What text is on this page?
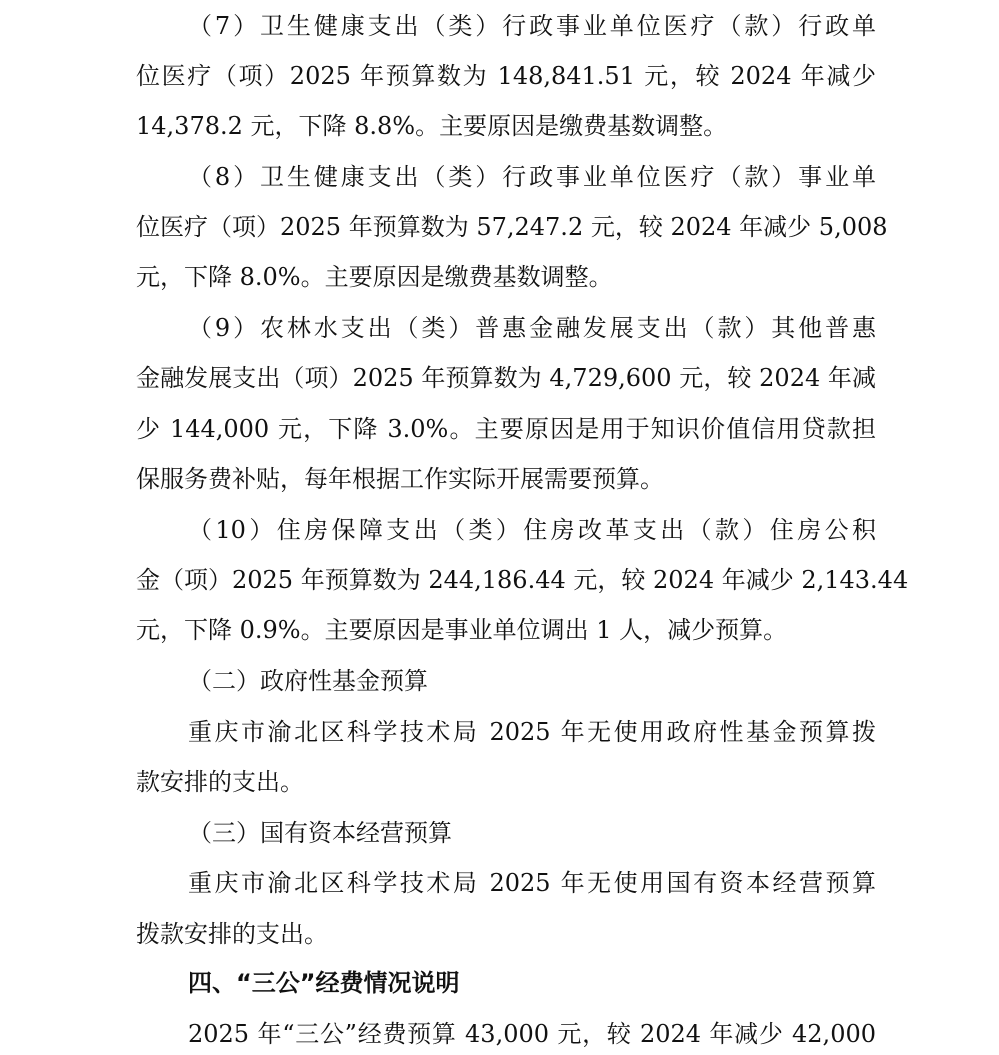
（7）卫生健康支出（类）行政事业单位医疗（款）行政单
位医疗（项）2025 年预算数为 148,841.51 元，较 2024 年减少
14,378.2 元，下降 8.8%。主要原因是缴费基数调整。
（8）卫生健康支出（类）行政事业单位医疗（款）事业单
位医疗（项）2025 年预算数为 57,247.2 元，较 2024 年减少 5,008
元，下降 8.0%。主要原因是缴费基数调整。
（9）农林水支出（类）普惠金融发展支出（款）其他普惠
金融发展支出（项）2025 年预算数为 4,729,600 元，较 2024 年减
少 144,000 元，下降 3.0%。主要原因是用于知识价值信用贷款担
保服务费补贴，每年根据工作实际开展需要预算。
（10）住房保障支出（类）住房改革支出（款）住房公积
金（项）2025 年预算数为 244,186.44 元，较 2024 年减少 2,143.44
元，下降 0.9%。主要原因是事业单位调出 1 人，减少预算。
（二）政府性基金预算
重庆市渝北区科学技术局 2025 年无使用政府性基金预算拨
款安排的支出。
（三）国有资本经营预算
重庆市渝北区科学技术局 2025 年无使用国有资本经营预算
拨款安排的支出。
四、“三公”经费情况说明
2025 年“三公”经费预算 43,000 元，较 2024 年减少 42,000
